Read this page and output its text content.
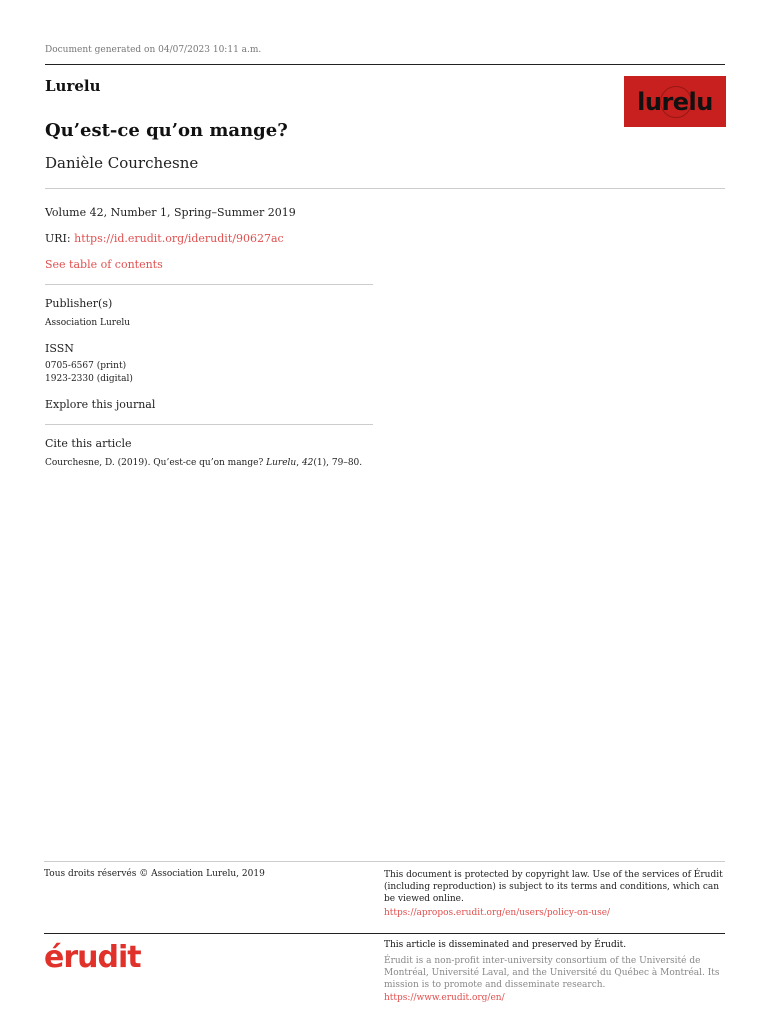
Document generated on 04/07/2023 10:11 a.m.
Lurelu
lurelu
Qu’est-ce qu’on mange?
Danièle Courchesne
Volume 42, Number 1, Spring–Summer 2019
URI: https://id.erudit.org/iderudit/90627ac
See table of contents
Publisher(s)
Association Lurelu
ISSN
0705-6567 (print)
1923-2330 (digital)
Explore this journal
Cite this article
Courchesne, D. (2019). Qu’est-ce qu’on mange? Lurelu, 42(1), 79–80.
Tous droits réservés © Association Lurelu, 2019	This document is protected by copyright law. Use of the services of Érudit (including reproduction) is subject to its terms and conditions, which can be viewed online.
https://apropos.erudit.org/en/users/policy-on-use/
érudit	This article is disseminated and preserved by Érudit.
Érudit is a non-profit inter-university consortium of the Université de Montréal, Université Laval, and the Université du Québec à Montréal. Its mission is to promote and disseminate research.
https://www.erudit.org/en/
